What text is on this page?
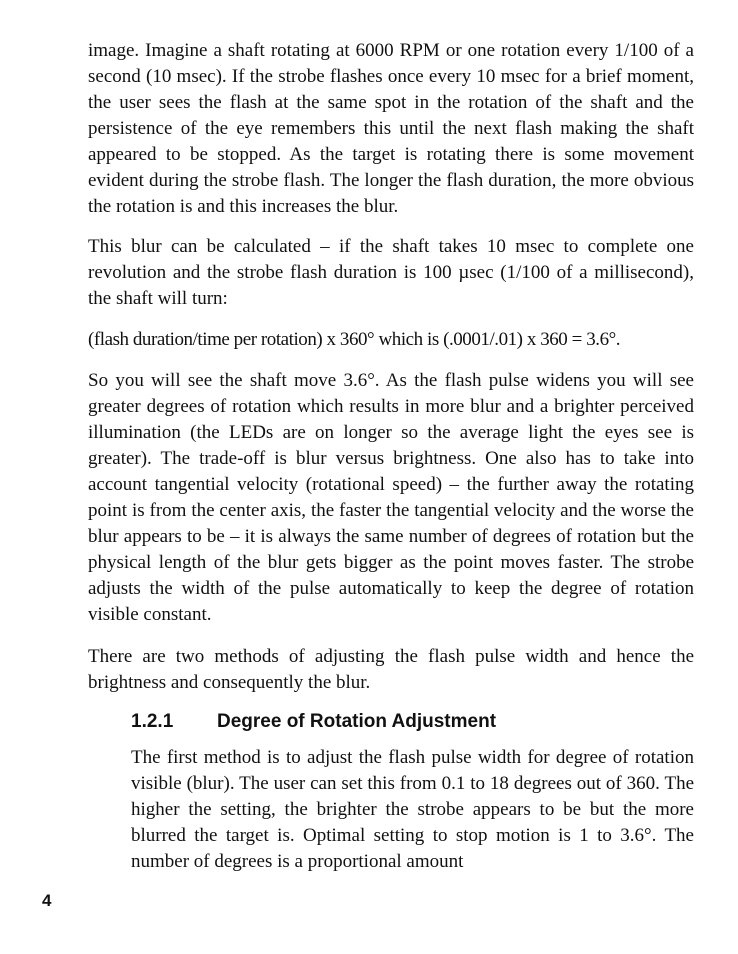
image. Imagine a shaft rotating at 6000 RPM or one rotation every 1/100 of a second (10 msec). If the strobe flashes once every 10 msec for a brief moment, the user sees the flash at the same spot in the rotation of the shaft and the persistence of the eye remembers this until the next flash making the shaft appeared to be stopped. As the target is rotating there is some movement evident during the strobe flash. The longer the flash duration, the more obvious the rotation is and this increases the blur.

This blur can be calculated – if the shaft takes 10 msec to complete one revolution and the strobe flash duration is 100 µsec (1/100 of a millisecond), the shaft will turn:

(flash duration/time per rotation) x 360° which is (.0001/.01) x 360 = 3.6°.

So you will see the shaft move 3.6°. As the flash pulse widens you will see greater degrees of rotation which results in more blur and a brighter perceived illumination (the LEDs are on longer so the average light the eyes see is greater). The trade-off is blur versus brightness. One also has to take into account tangential velocity (rotational speed) – the further away the rotating point is from the center axis, the faster the tangential velocity and the worse the blur appears to be – it is always the same number of degrees of rotation but the physical length of the blur gets bigger as the point moves faster. The strobe adjusts the width of the pulse automatically to keep the degree of rotation visible constant.

There are two methods of adjusting the flash pulse width and hence the brightness and consequently the blur.

1.2.1 Degree of Rotation Adjustment

The first method is to adjust the flash pulse width for degree of rotation visible (blur). The user can set this from 0.1 to 18 degrees out of 360. The higher the setting, the brighter the strobe appears to be but the more blurred the target is. Optimal setting to stop motion is 1 to 3.6°. The number of degrees is a proportional amount

4
